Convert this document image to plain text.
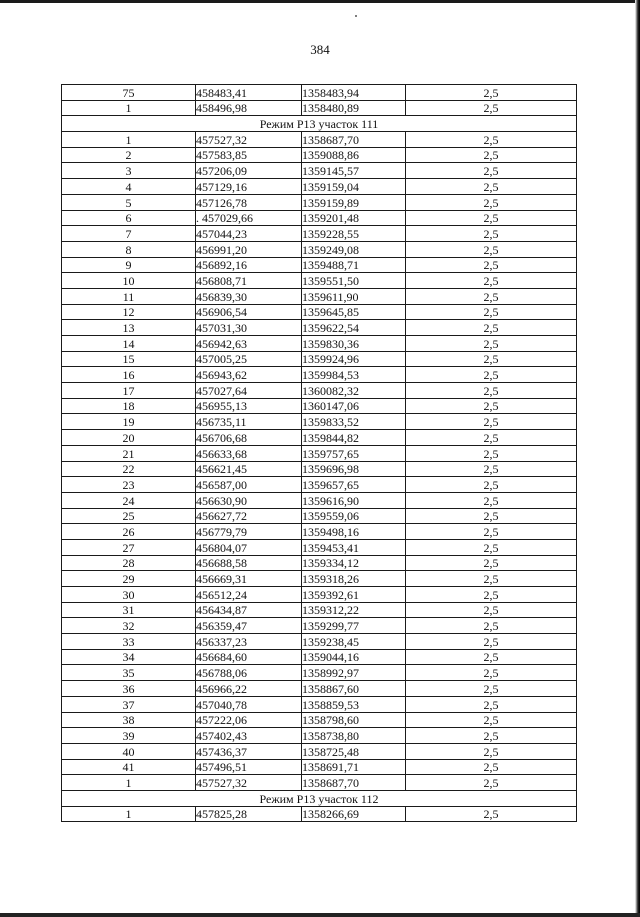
384
75	458483,41	1358483,94	2,5
1	458496,98	1358480,89	2,5
Режим Р13 участок 111			
1	457527,32	1358687,70	2,5
2	457583,85	1359088,86	2,5
3	457206,09	1359145,57	2,5
4	457129,16	1359159,04	2,5
5	457126,78	1359159,89	2,5
6	. 457029,66	1359201,48	2,5
7	457044,23	1359228,55	2,5
8	456991,20	1359249,08	2,5
9	456892,16	1359488,71	2,5
10	456808,71	1359551,50	2,5
11	456839,30	1359611,90	2,5
12	456906,54	1359645,85	2,5
13	457031,30	1359622,54	2,5
14	456942,63	1359830,36	2,5
15	457005,25	1359924,96	2,5
16	456943,62	1359984,53	2,5
17	457027,64	1360082,32	2,5
18	456955,13	1360147,06	2,5
19	456735,11	1359833,52	2,5
20	456706,68	1359844,82	2,5
21	456633,68	1359757,65	2,5
22	456621,45	1359696,98	2,5
23	456587,00	1359657,65	2,5
24	456630,90	1359616,90	2,5
25	456627,72	1359559,06	2,5
26	456779,79	1359498,16	2,5
27	456804,07	1359453,41	2,5
28	456688,58	1359334,12	2,5
29	456669,31	1359318,26	2,5
30	456512,24	1359392,61	2,5
31	456434,87	1359312,22	2,5
32	456359,47	1359299,77	2,5
33	456337,23	1359238,45	2,5
34	456684,60	1359044,16	2,5
35	456788,06	1358992,97	2,5
36	456966,22	1358867,60	2,5
37	457040,78	1358859,53	2,5
38	457222,06	1358798,60	2,5
39	457402,43	1358738,80	2,5
40	457436,37	1358725,48	2,5
41	457496,51	1358691,71	2,5
1	457527,32	1358687,70	2,5
Режим Р13 участок 112			
1	457825,28	1358266,69	2,5
